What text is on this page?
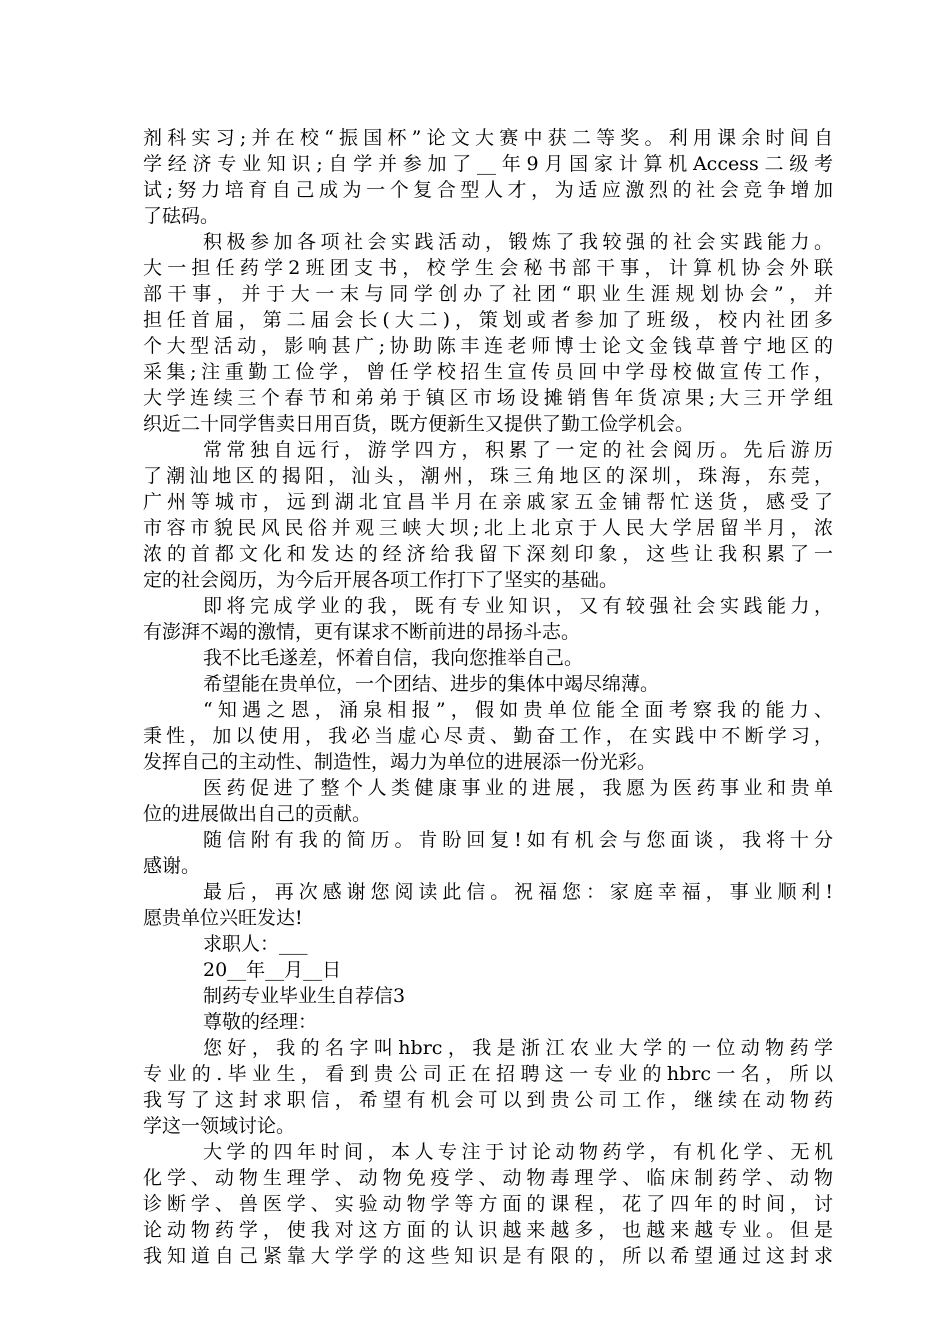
剂科实习;并在校“振国杯”论文大赛中获二等奖。利用课余时间自
学经济专业知识;自学并参加了__年9月国家计算机Access二级考
试;努力培育自己成为一个复合型人才，为适应激烈的社会竞争增加
了砝码。
积极参加各项社会实践活动，锻炼了我较强的社会实践能力。
大一担任药学2班团支书，校学生会秘书部干事，计算机协会外联
部干事，并于大一末与同学创办了社团“职业生涯规划协会”，并
担任首届，第二届会长(大二)，策划或者参加了班级，校内社团多
个大型活动，影响甚广;协助陈丰连老师博士论文金钱草普宁地区的
采集;注重勤工俭学，曾任学校招生宣传员回中学母校做宣传工作，
大学连续三个春节和弟弟于镇区市场设摊销售年货凉果;大三开学组
织近二十同学售卖日用百货，既方便新生又提供了勤工俭学机会。
常常独自远行，游学四方，积累了一定的社会阅历。先后游历
了潮汕地区的揭阳，汕头，潮州，珠三角地区的深圳，珠海，东莞，
广州等城市，远到湖北宜昌半月在亲戚家五金铺帮忙送货，感受了
市容市貌民风民俗并观三峡大坝;北上北京于人民大学居留半月，浓
浓的首都文化和发达的经济给我留下深刻印象，这些让我积累了一
定的社会阅历，为今后开展各项工作打下了坚实的基础。
即将完成学业的我，既有专业知识，又有较强社会实践能力，
有澎湃不竭的激情，更有谋求不断前进的昂扬斗志。
我不比毛遂差，怀着自信，我向您推举自己。
希望能在贵单位，一个团结、进步的集体中竭尽绵薄。
“知遇之恩，涌泉相报”，假如贵单位能全面考察我的能力、
秉性，加以使用，我必当虚心尽责、勤奋工作，在实践中不断学习，
发挥自己的主动性、制造性，竭力为单位的进展添一份光彩。
医药促进了整个人类健康事业的进展，我愿为医药事业和贵单
位的进展做出自己的贡献。
随信附有我的简历。肯盼回复!如有机会与您面谈，我将十分
感谢。
最后，再次感谢您阅读此信。祝福您：家庭幸福，事业顺利!
愿贵单位兴旺发达!
求职人：___
20__年__月__日
制药专业毕业生自荐信3
尊敬的经理：
您好，我的名字叫hbrc，我是浙江农业大学的一位动物药学
专业的.毕业生，看到贵公司正在招聘这一专业的hbrc一名，所以
我写了这封求职信，希望有机会可以到贵公司工作，继续在动物药
学这一领域讨论。
大学的四年时间，本人专注于讨论动物药学，有机化学、无机
化学、动物生理学、动物免疫学、动物毒理学、临床制药学、动物
诊断学、兽医学、实验动物学等方面的课程，花了四年的时间，讨
论动物药学，使我对这方面的认识越来越多，也越来越专业。但是
我知道自己紧靠大学学的这些知识是有限的，所以希望通过这封求
